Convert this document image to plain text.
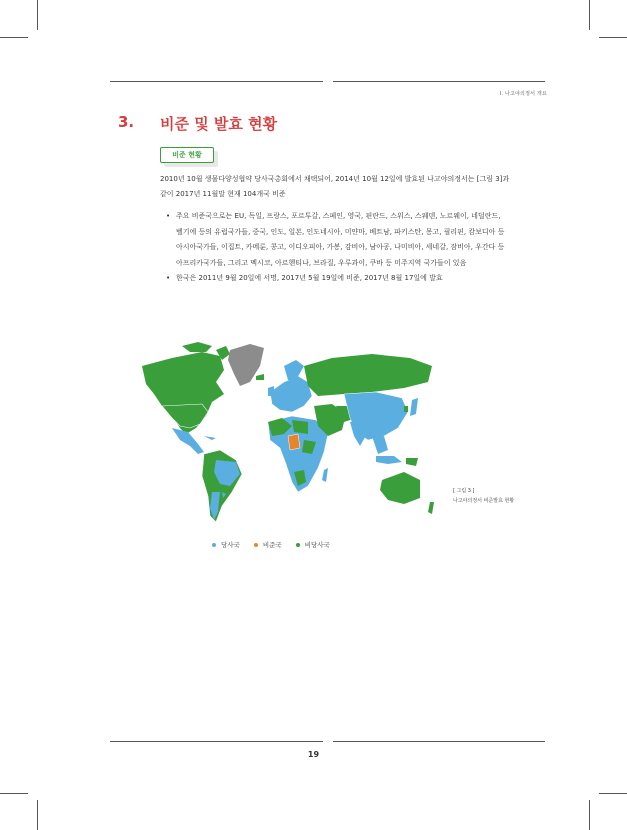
Ⅰ. 나고야의정서 개요
3. 비준 및 발효 현황
비준 현황
2010년 10월 생물다양성협약 당사국총회에서 채택되어, 2014년 10월 12일에 발효된 나고야의정서는 [그림 3]과
같이 2017년 11월말 현재 104개국 비준
• 주요 비준국으로는 EU, 독일, 프랑스, 포르투갈, 스페인, 영국, 핀란드, 스위스, 스웨덴, 노르웨이, 네덜란드,
벨기에 등의 유럽국가들, 중국, 인도, 일본, 인도네시아, 미얀마, 베트남, 파키스탄, 몽고, 필리핀, 캄보디아 등
아시아국가들, 이집트, 카메룬, 콩고, 이디오피아, 가봉, 감비아, 남아공, 나미비아, 세네갈, 잠비아, 우간다 등
아프리카국가들, 그리고 멕시코, 아르헨티나, 브라질, 우루과이, 쿠바 등 미주지역 국가들이 있음
• 한국은 2011년 9월 20일에 서명, 2017년 5월 19일에 비준, 2017년 8월 17일에 발효
[ 그림 3 ]
나고야의정서 비준발효 현황
당사국	비준국	비당사국
19
